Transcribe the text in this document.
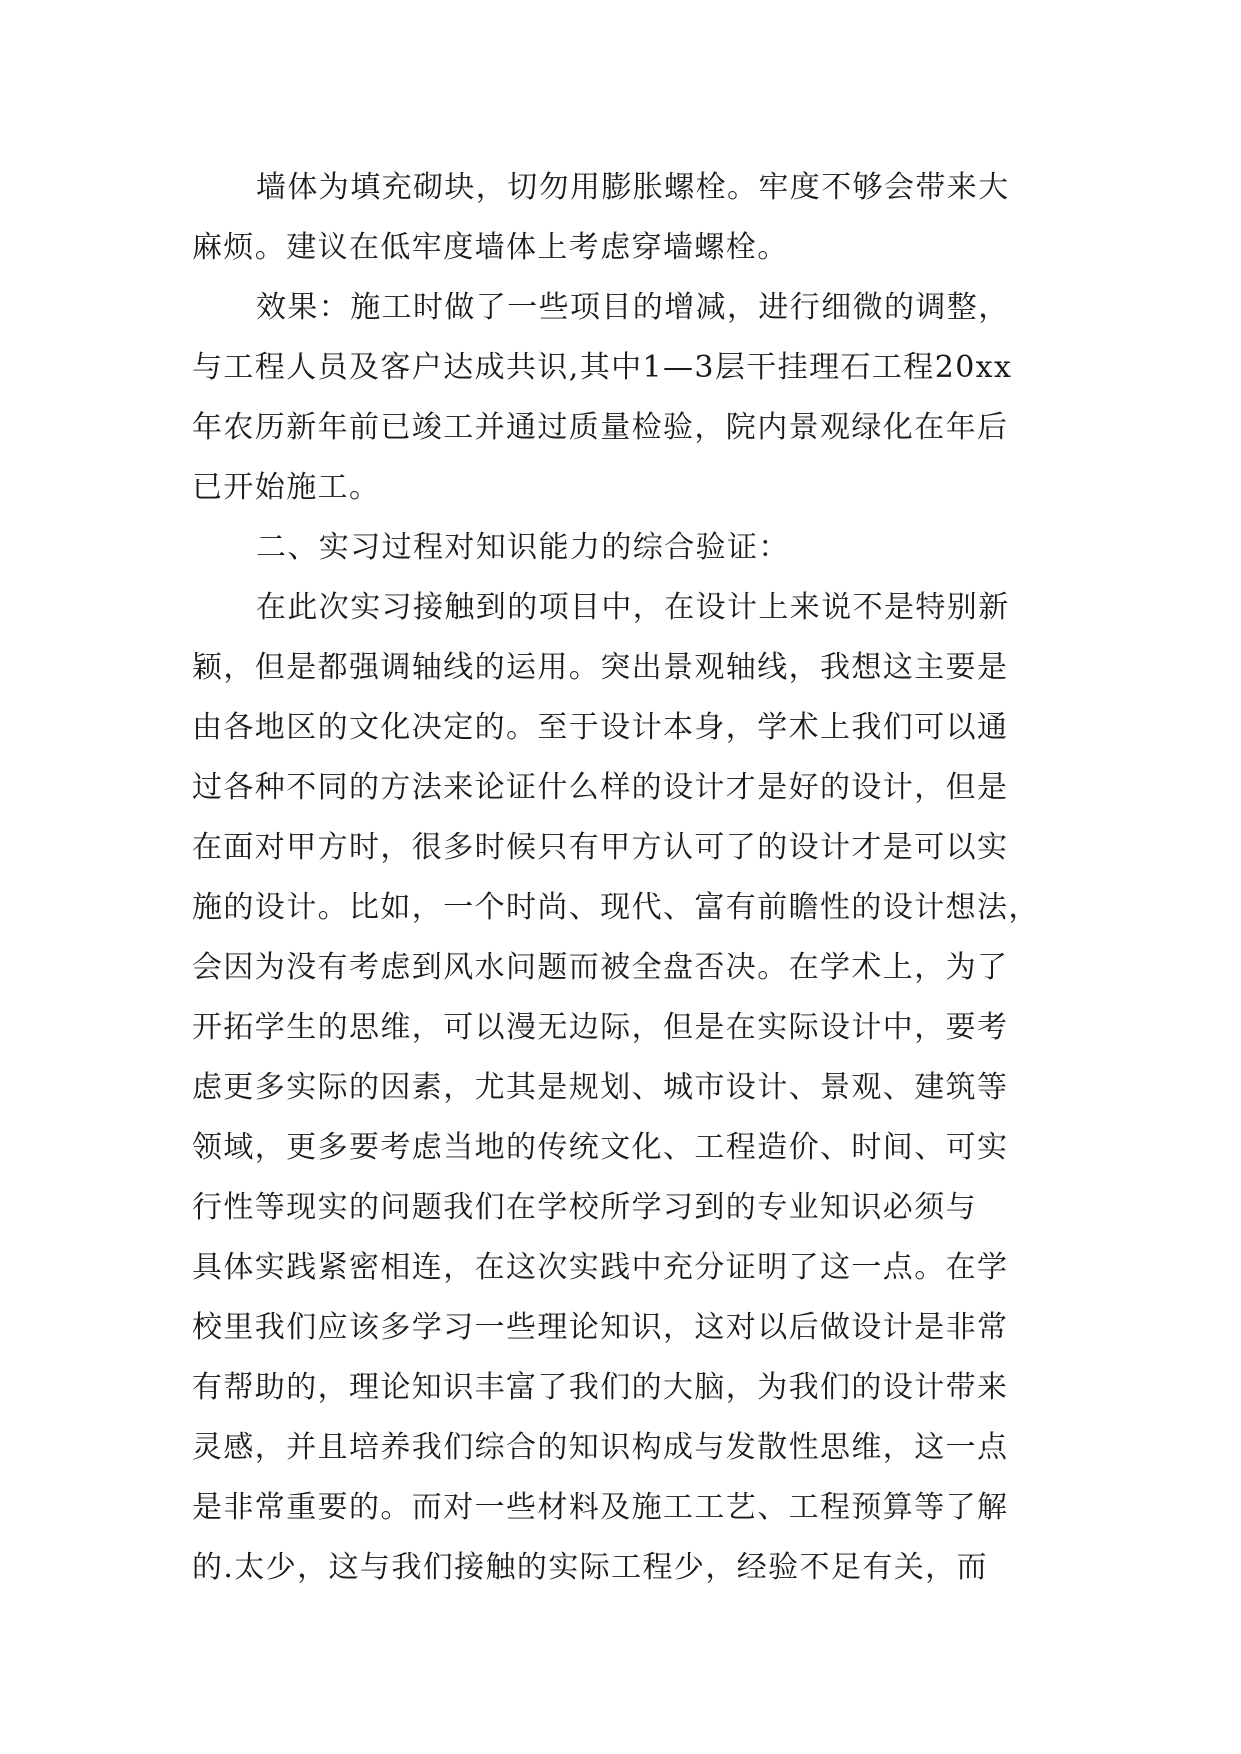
墙体为填充砌块，切勿用膨胀螺栓。牢度不够会带来大
麻烦。建议在低牢度墙体上考虑穿墙螺栓。
效果：施工时做了一些项目的增减，进行细微的调整，
与工程人员及客户达成共识,其中1—3层干挂理石工程20xx
年农历新年前已竣工并通过质量检验，院内景观绿化在年后
已开始施工。
二、实习过程对知识能力的综合验证：
在此次实习接触到的项目中，在设计上来说不是特别新
颖，但是都强调轴线的运用。突出景观轴线，我想这主要是
由各地区的文化决定的。至于设计本身，学术上我们可以通
过各种不同的方法来论证什么样的设计才是好的设计，但是
在面对甲方时，很多时候只有甲方认可了的设计才是可以实
施的设计。比如，一个时尚、现代、富有前瞻性的设计想法，
会因为没有考虑到风水问题而被全盘否决。在学术上，为了
开拓学生的思维，可以漫无边际，但是在实际设计中，要考
虑更多实际的因素，尤其是规划、城市设计、景观、建筑等
领域，更多要考虑当地的传统文化、工程造价、时间、可实
行性等现实的问题我们在学校所学习到的专业知识必须与
具体实践紧密相连，在这次实践中充分证明了这一点。在学
校里我们应该多学习一些理论知识，这对以后做设计是非常
有帮助的，理论知识丰富了我们的大脑，为我们的设计带来
灵感，并且培养我们综合的知识构成与发散性思维，这一点
是非常重要的。而对一些材料及施工工艺、工程预算等了解
的.太少，这与我们接触的实际工程少，经验不足有关，而
